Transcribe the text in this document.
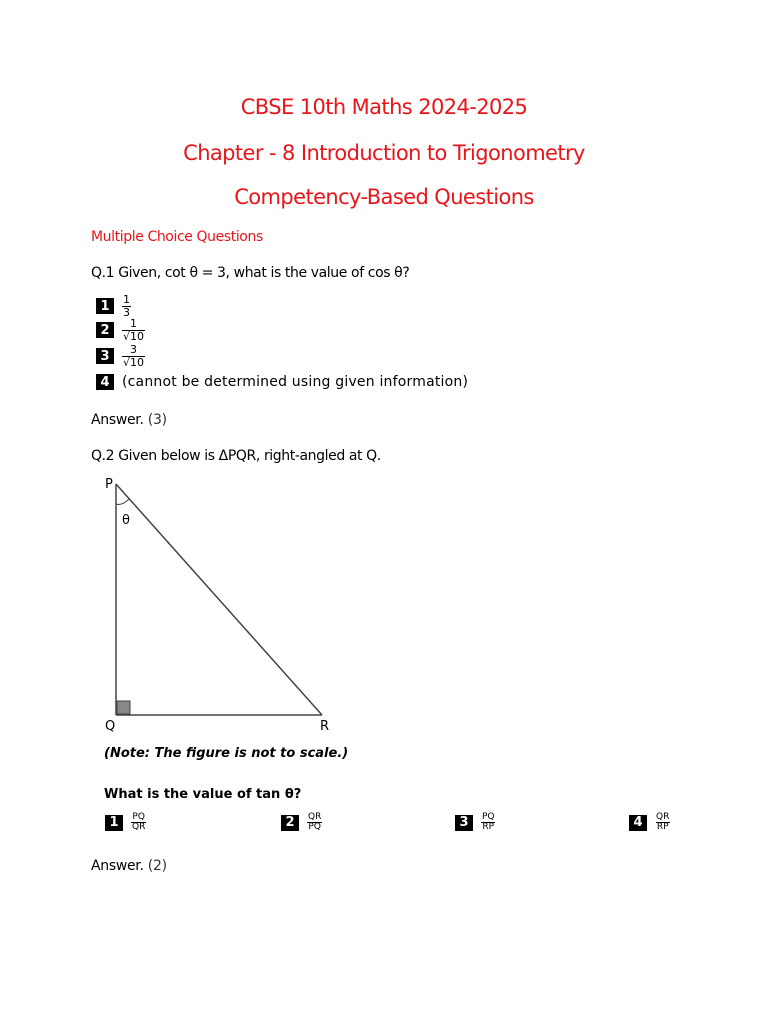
CBSE 10th Maths 2024-2025
Chapter - 8 Introduction to Trigonometry
Competency-Based Questions
Multiple Choice Questions
Q.1 Given, cot θ = 3, what is the value of cos θ?
1	$\frac{1}{3}$
2	$\frac{1}{√10}$
3	$\frac{3}{√10}$
4 (cannot be determined using given information)
Answer. (3)
Q.2 Given below is ΔPQR, right-angled at Q.
P
θ
Q	R
(Note: The figure is not to scale.)
What is the value of tan θ?
1	$\frac{PQ}{QR}$	2	$\frac{QR}{PQ}$	3	$\frac{PQ}{RP}$	4	$\frac{QR}{RP}$
Answer. (2)
